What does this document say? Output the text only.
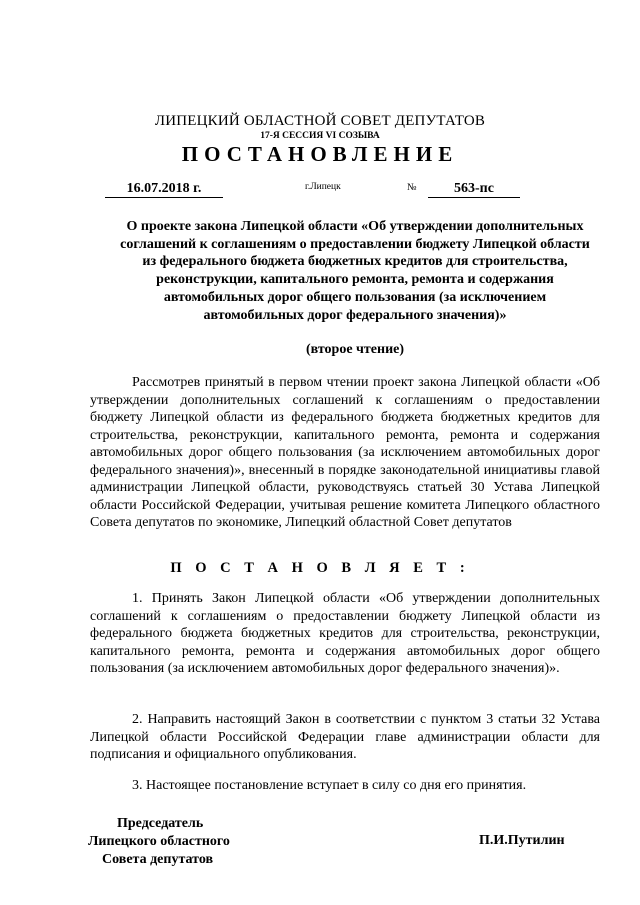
ЛИПЕЦКИЙ ОБЛАСТНОЙ СОВЕТ ДЕПУТАТОВ
17-Я СЕССИЯ VI СОЗЫВА
ПОСТАНОВЛЕНИЕ
16.07.2018 г.	г.Липецк	№	563-пс
О проекте закона Липецкой области «Об утверждении дополнительных соглашений к соглашениям о предоставлении бюджету Липецкой области из федерального бюджета бюджетных кредитов для строительства, реконструкции, капитального ремонта, ремонта и содержания автомобильных дорог общего пользования (за исключением автомобильных дорог федерального значения)»
(второе чтение)
Рассмотрев принятый в первом чтении проект закона Липецкой области «Об утверждении дополнительных соглашений к соглашениям о предоставлении бюджету Липецкой области из федерального бюджета бюджетных кредитов для строительства, реконструкции, капитального ремонта, ремонта и содержания автомобильных дорог общего пользования (за исключением автомобильных дорог федерального значения)», внесенный в порядке законодательной инициативы главой администрации Липецкой области, руководствуясь статьей 30 Устава Липецкой области Российской Федерации, учитывая решение комитета Липецкого областного Совета депутатов по экономике, Липецкий областной Совет депутатов
П О С Т А Н О В Л Я Е Т :
1. Принять Закон Липецкой области «Об утверждении дополнительных соглашений к соглашениям о предоставлении бюджету Липецкой области из федерального бюджета бюджетных кредитов для строительства, реконструкции, капитального ремонта, ремонта и содержания автомобильных дорог общего пользования (за исключением автомобильных дорог федерального значения)».
2. Направить настоящий Закон в соответствии с пунктом 3 статьи 32 Устава Липецкой области Российской Федерации главе администрации области для подписания и официального опубликования.
3. Настоящее постановление вступает в силу со дня его принятия.
Председатель
Липецкого областного
Совета депутатов
П.И.Путилин
